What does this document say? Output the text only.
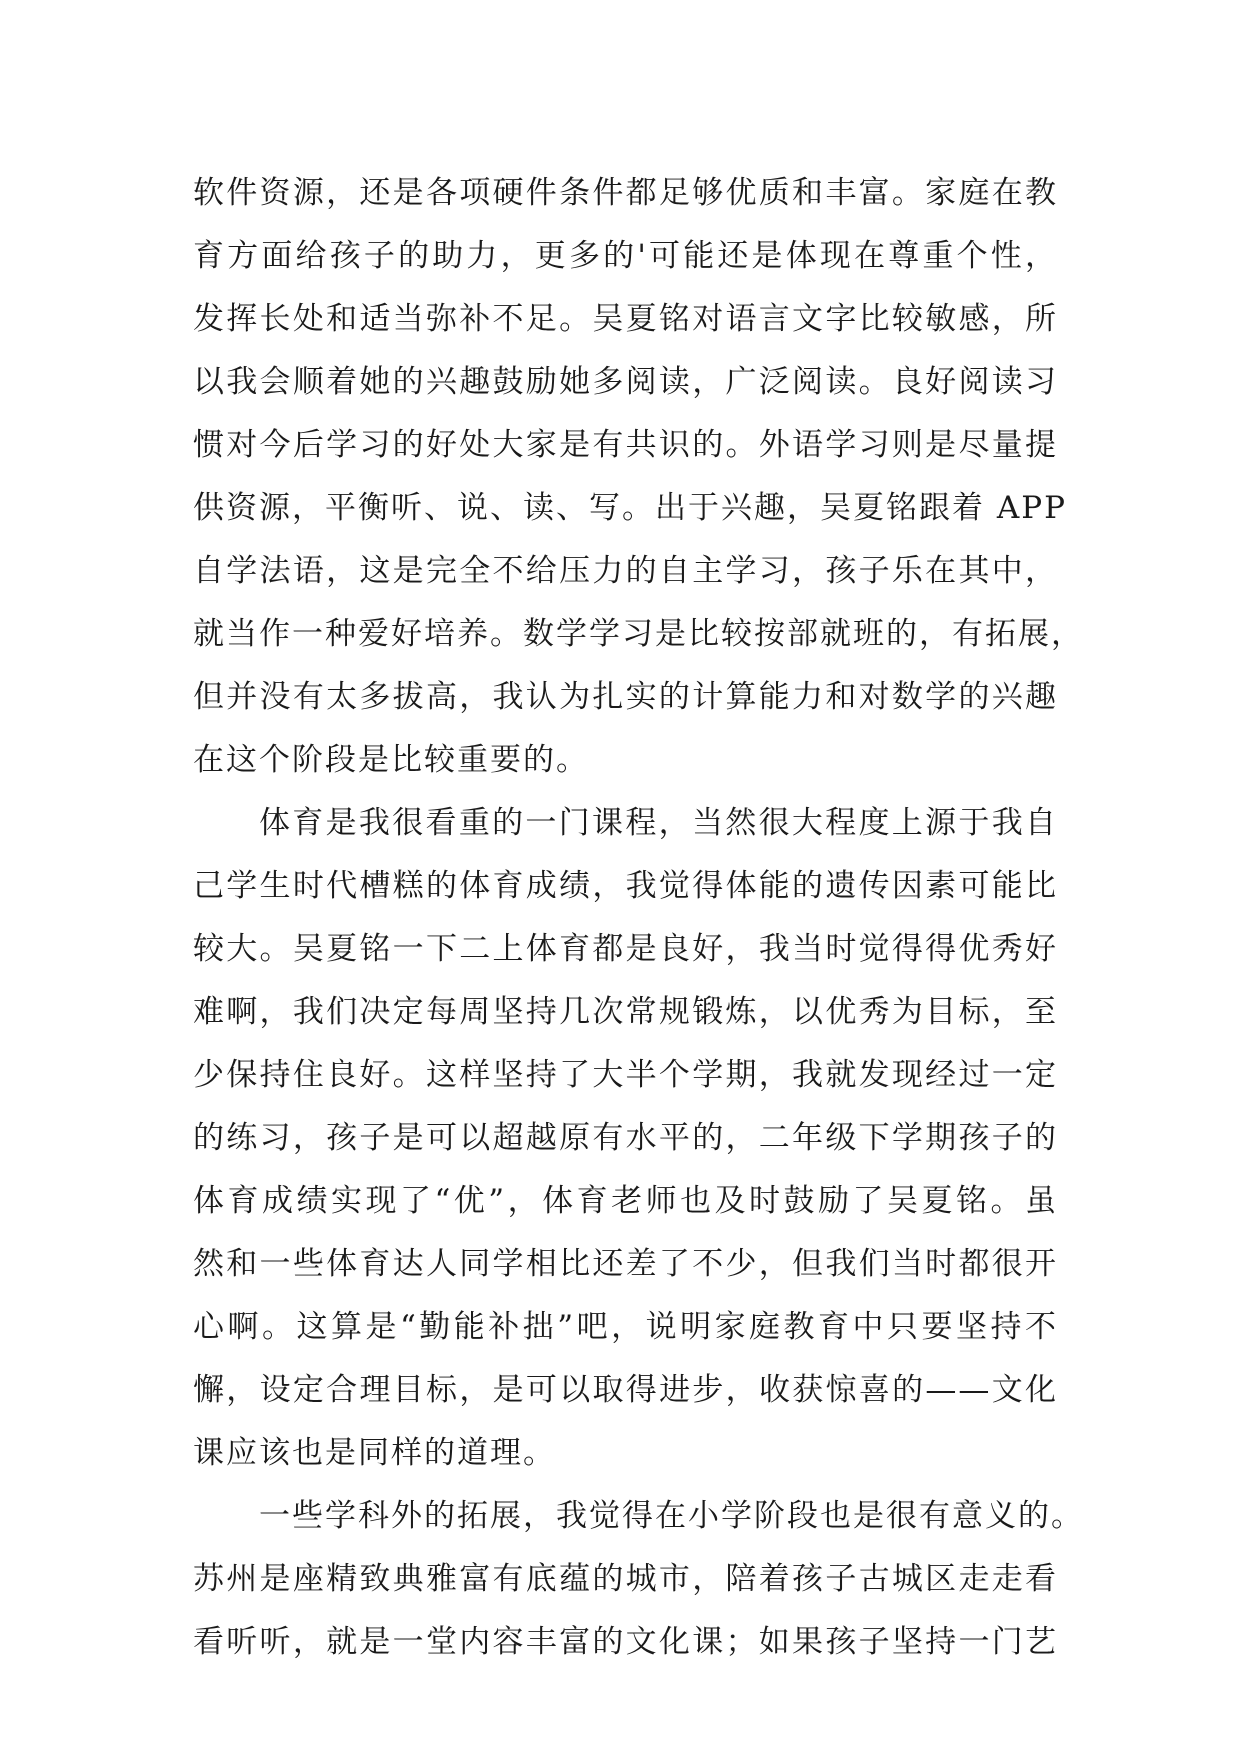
软件资源，还是各项硬件条件都足够优质和丰富。家庭在教
育方面给孩子的助力，更多的'可能还是体现在尊重个性，
发挥长处和适当弥补不足。吴夏铭对语言文字比较敏感，所
以我会顺着她的兴趣鼓励她多阅读，广泛阅读。良好阅读习
惯对今后学习的好处大家是有共识的。外语学习则是尽量提
供资源，平衡听、说、读、写。出于兴趣，吴夏铭跟着 APP
自学法语，这是完全不给压力的自主学习，孩子乐在其中，
就当作一种爱好培养。数学学习是比较按部就班的，有拓展，
但并没有太多拔高，我认为扎实的计算能力和对数学的兴趣
在这个阶段是比较重要的。
体育是我很看重的一门课程，当然很大程度上源于我自
己学生时代槽糕的体育成绩，我觉得体能的遗传因素可能比
较大。吴夏铭一下二上体育都是良好，我当时觉得得优秀好
难啊，我们决定每周坚持几次常规锻炼，以优秀为目标，至
少保持住良好。这样坚持了大半个学期，我就发现经过一定
的练习，孩子是可以超越原有水平的，二年级下学期孩子的
体育成绩实现了“优”，体育老师也及时鼓励了吴夏铭。虽
然和一些体育达人同学相比还差了不少，但我们当时都很开
心啊。这算是“勤能补拙”吧，说明家庭教育中只要坚持不
懈，设定合理目标，是可以取得进步，收获惊喜的——文化
课应该也是同样的道理。
一些学科外的拓展，我觉得在小学阶段也是很有意义的。
苏州是座精致典雅富有底蕴的城市，陪着孩子古城区走走看
看听听，就是一堂内容丰富的文化课；如果孩子坚持一门艺
